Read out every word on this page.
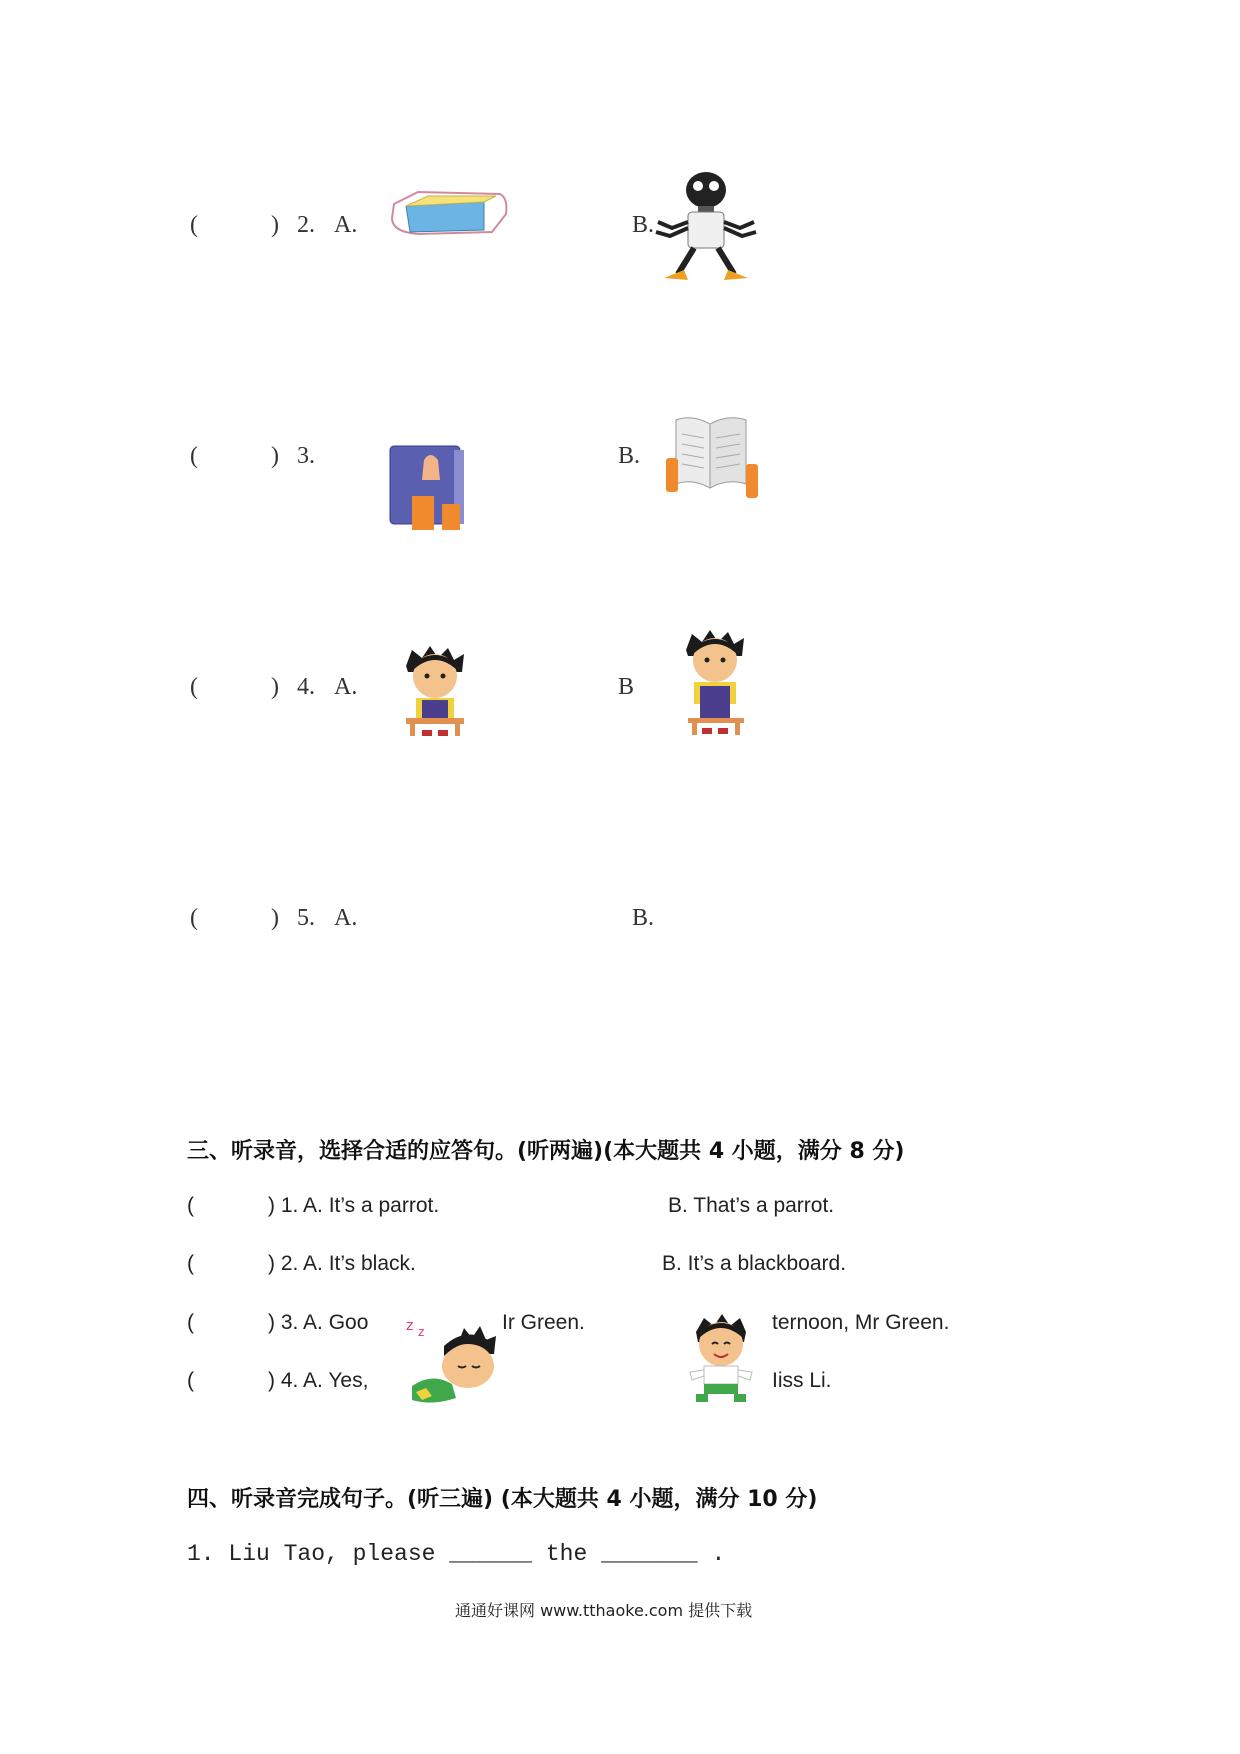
(	) 2. A.	B.
(	) 3.	B.
(	) 4. A.	B
(	) 5. A.	B.
三、听录音，选择合适的应答句。(听两遍)(本大题共 4 小题，满分 8 分)
(	) 1. A. It’s a parrot.	B. That’s a parrot.
(	) 2. A. It’s black.	B. It’s a blackboard.
(	) 3. A. Goo	Ir Green.	ternoon, Mr Green.
(	) 4. A. Yes,	Iiss Li.
z z
四、听录音完成句子。(听三遍) (本大题共 4 小题，满分 10 分)
1. Liu Tao, please ______ the _______ .
通通好课网 www.tthaoke.com 提供下载
